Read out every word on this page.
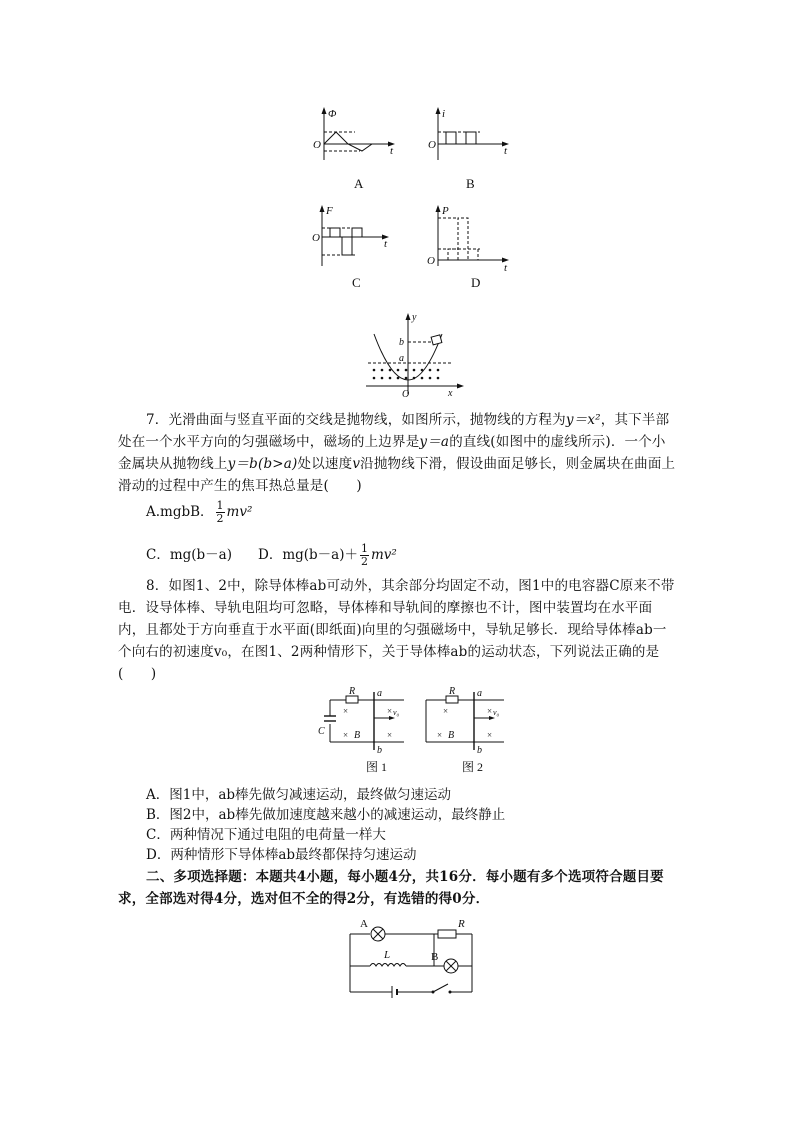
Φ
O	t
A
i
O	t
B
F
O	t
C
P
O
t
D
y
b
a
O	x
7．光滑曲面与竖直平面的交线是抛物线，如图所示，抛物线的方程为y＝x²，其下半部处在一个水平方向的匀强磁场中，磁场的上边界是y＝a的直线(如图中的虚线所示)．一个小金属块从抛物线上y＝b(b>a)处以速度v沿抛物线下滑，假设曲面足够长，则金属块在曲面上滑动的过程中产生的焦耳热总量是(　　)
A.mgbB． $\frac{1}{2} mv^2$
C．mg(b－a) D．$mg(b-a)+ \frac{1}{2} mv^2$
8．如图1、2中，除导体棒ab可动外，其余部分均固定不动，图1中的电容器C原来不带电．设导体棒、导轨电阻均可忽略，导体棒和导轨间的摩擦也不计，图中装置均在水平面内，且都处于方向垂直于水平面(即纸面)向里的匀强磁场中，导轨足够长．现给导体棒ab一个向右的初速度v₀，在图1、2两种情形下，关于导体棒ab的运动状态，下列说法正确的是(　　)
×	×
×	×
R a
b
B
C
v₀
图 1
×	×
×	×
R a
b
B
v₀
图 2
A．图1中，ab棒先做匀减速运动，最终做匀速运动
B．图2中，ab棒先做加速度越来越小的减速运动，最终静止
C．两种情况下通过电阻的电荷量一样大
D．两种情形下导体棒ab最终都保持匀速运动
二、多项选择题：本题共4小题，每小题4分，共16分．每小题有多个选项符合题目要求，全部选对得4分，选对但不全的得2分，有选错的得0分．
A	R
L	B
